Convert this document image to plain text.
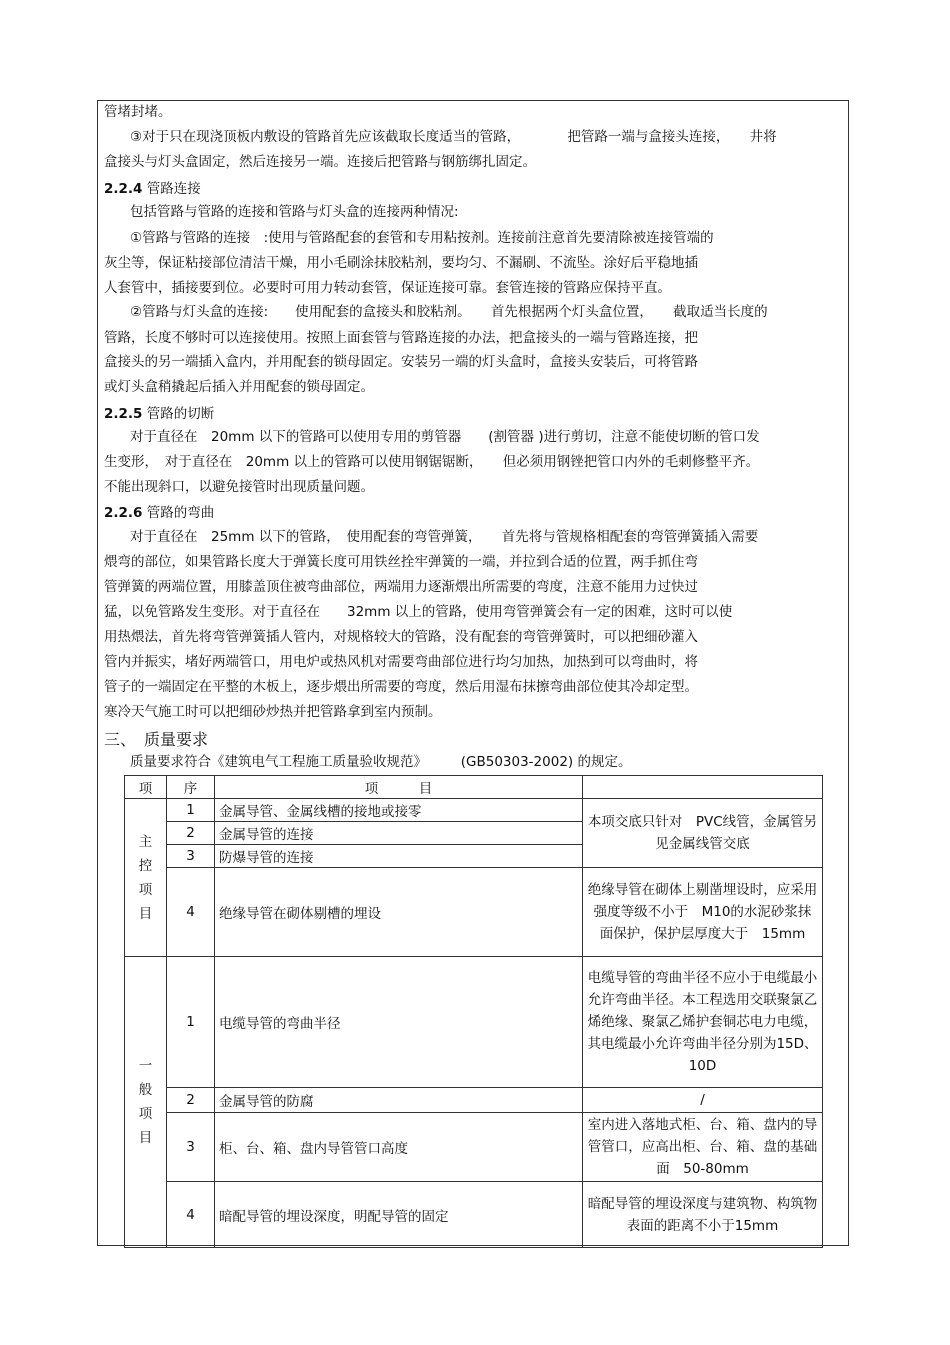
管堵封堵。
③对于只在现浇顶板内敷设的管路首先应该截取长度适当的管路，　　　　把管路一端与盒接头连接，　　井将
盒接头与灯头盒固定，然后连接另一端。连接后把管路与钢筋绑扎固定。
2.2.4 管路连接
包括管路与管路的连接和管路与灯头盒的连接两种情况:
①管路与管路的连接　:使用与管路配套的套管和专用粘按剂。连接前注意首先要清除被连接管端的
灰尘等，保证粘接部位清洁干燥，用小毛刷涂抹胶粘剂，要均匀、不漏刷、不流坠。涂好后平稳地插
人套管中，插接要到位。必要时可用力转动套管，保证连接可靠。套管连接的管路应保持平直。
②管路与灯头盒的连接:　　使用配套的盒接头和胶粘剂。　　首先根据两个灯头盒位置，　　截取适当长度的
管路，长度不够时可以连接使用。按照上面套管与管路连接的办法，把盒接头的一端与管路连接，把
盒接头的另一端插入盒内，并用配套的锁母固定。安装另一端的灯头盒时，盒接头安装后，可将管路
或灯头盒稍撬起后插入并用配套的锁母固定。
2.2.5 管路的切断
对于直径在　20mm 以下的管路可以使用专用的剪管器　　(割管器 )进行剪切，注意不能使切断的管口发
生变形，　对于直径在　20mm 以上的管路可以使用钢锯锯断，　　但必须用钢锉把管口内外的毛刺修整平齐。
不能出现斜口，以避免接管时出现质量问题。
2.2.6 管路的弯曲
对于直径在　25mm 以下的管路，　使用配套的弯管弹簧，　　首先将与管规格相配套的弯管弹簧插入需要
煨弯的部位，如果管路长度大于弹簧长度可用铁丝拴牢弹簧的一端，并拉到合适的位置，两手抓住弯
管弹簧的两端位置，用膝盖顶住被弯曲部位，两端用力逐渐煨出所需要的弯度，注意不能用力过快过
猛，以免管路发生变形。对于直径在　　32mm 以上的管路，使用弯管弹簧会有一定的困难，这时可以使
用热煨法，首先将弯管弹簧插人管内，对规格较大的管路，没有配套的弯管弹簧时，可以把细砂灌入
管内并振实，堵好两端管口，用电炉或热风机对需要弯曲部位进行均匀加热，加热到可以弯曲时，将
管子的一端固定在平整的木板上，逐步煨出所需要的弯度，然后用湿布抹擦弯曲部位使其冷却定型。
寒冷天气施工时可以把细砂炒热并把管路拿到室内预制。
三、　质量要求
质量要求符合《建筑电气工程施工质量验收规范》　　　(GB50303-2002) 的规定。
项	序	项　　　目	
主
控
项
目	1	金属导管、金属线槽的接地或接零	本项交底只针对　PVC线管，金属管另见金属线管交底
	2	金属导管的连接	
	3	防爆导管的连接	
	4	绝缘导管在砌体剔槽的埋设	绝缘导管在砌体上剔凿埋设时，应采用强度等级不小于　M10的水泥砂浆抹面保护，保护层厚度大于　15mm
一
般
项
目	1	电缆导管的弯曲半径	电缆导管的弯曲半径不应小于电缆最小允许弯曲半径。本工程选用交联聚氯乙烯绝缘、聚氯乙烯护套铜芯电力电缆，其电缆最小允许弯曲半径分别为15D、10D
	2	金属导管的防腐	/
	3	柜、台、箱、盘内导管管口高度	室内进入落地式柜、台、箱、盘内的导管管口，应高出柜、台、箱、盘的基础面　50-80mm
	4	暗配导管的埋设深度，明配导管的固定	暗配导管的埋设深度与建筑物、构筑物表面的距离不小于15mm
